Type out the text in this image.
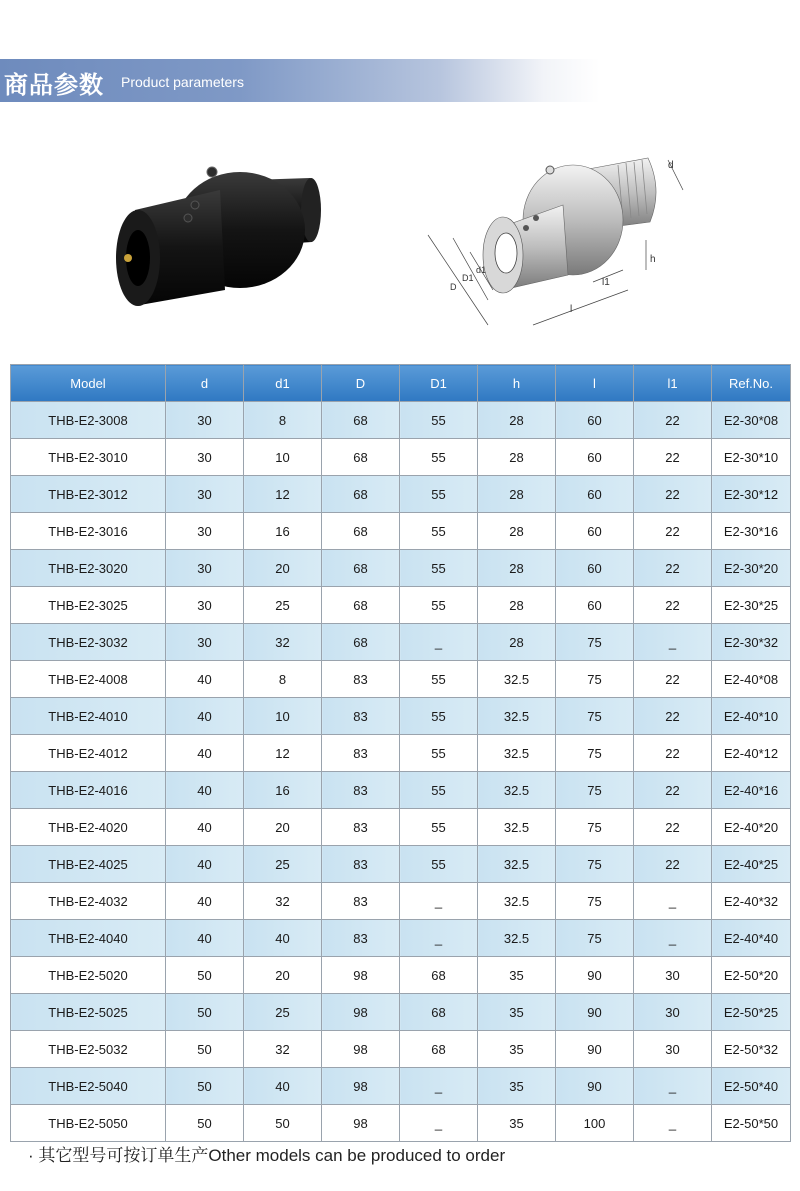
商品参数 Product parameters
d
d1
D1
D
h
l1
l
Model	d	d1	D	D1	h	l	l1	Ref.No.
THB-E2-3008	30	8	68	55	28	60	22	E2-30*08
THB-E2-3010	30	10	68	55	28	60	22	E2-30*10
THB-E2-3012	30	12	68	55	28	60	22	E2-30*12
THB-E2-3016	30	16	68	55	28	60	22	E2-30*16
THB-E2-3020	30	20	68	55	28	60	22	E2-30*20
THB-E2-3025	30	25	68	55	28	60	22	E2-30*25
THB-E2-3032	30	32	68	_	28	75	_	E2-30*32
THB-E2-4008	40	8	83	55	32.5	75	22	E2-40*08
THB-E2-4010	40	10	83	55	32.5	75	22	E2-40*10
THB-E2-4012	40	12	83	55	32.5	75	22	E2-40*12
THB-E2-4016	40	16	83	55	32.5	75	22	E2-40*16
THB-E2-4020	40	20	83	55	32.5	75	22	E2-40*20
THB-E2-4025	40	25	83	55	32.5	75	22	E2-40*25
THB-E2-4032	40	32	83	_	32.5	75	_	E2-40*32
THB-E2-4040	40	40	83	_	32.5	75	_	E2-40*40
THB-E2-5020	50	20	98	68	35	90	30	E2-50*20
THB-E2-5025	50	25	98	68	35	90	30	E2-50*25
THB-E2-5032	50	32	98	68	35	90	30	E2-50*32
THB-E2-5040	50	40	98	_	35	90	_	E2-50*40
THB-E2-5050	50	50	98	_	35	100	_	E2-50*50
· 其它型号可按订单生产Other models can be produced to order
